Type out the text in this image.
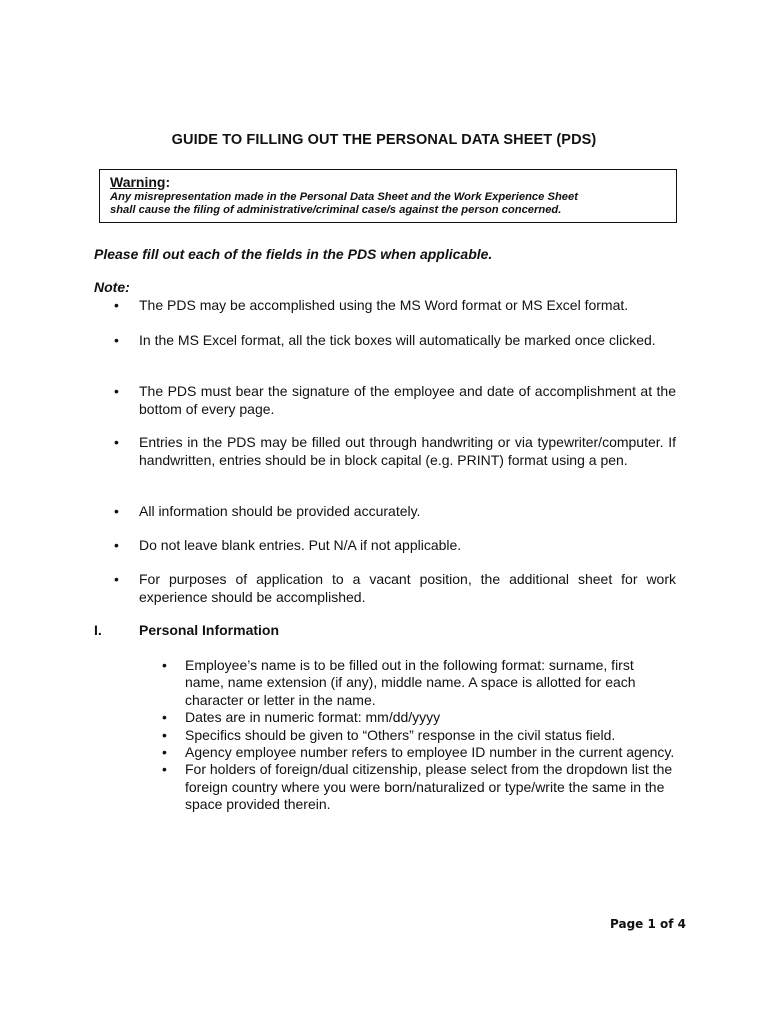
GUIDE TO FILLING OUT THE PERSONAL DATA SHEET (PDS)
Warning:
Any misrepresentation made in the Personal Data Sheet and the Work Experience Sheet
shall cause the filing of administrative/criminal case/s against the person concerned.
Please fill out each of the fields in the PDS when applicable.
Note:
• The PDS may be accomplished using the MS Word format or MS Excel format.
• In the MS Excel format, all the tick boxes will automatically be marked once clicked.
• The PDS must bear the signature of the employee and date of accomplishment at the bottom of every page.
• Entries in the PDS may be filled out through handwriting or via typewriter/computer. If handwritten, entries should be in block capital (e.g. PRINT) format using a pen.
• All information should be provided accurately.
• Do not leave blank entries. Put N/A if not applicable.
• For purposes of application to a vacant position, the additional sheet for work experience should be accomplished.
I.	Personal Information
• Employee’s name is to be filled out in the following format: surname, first name, name extension (if any), middle name. A space is allotted for each character or letter in the name.
• Dates are in numeric format: mm/dd/yyyy
• Specifics should be given to “Others” response in the civil status field.
• Agency employee number refers to employee ID number in the current agency.
• For holders of foreign/dual citizenship, please select from the dropdown list the foreign country where you were born/naturalized or type/write the same in the space provided therein.
Page 1 of 4
